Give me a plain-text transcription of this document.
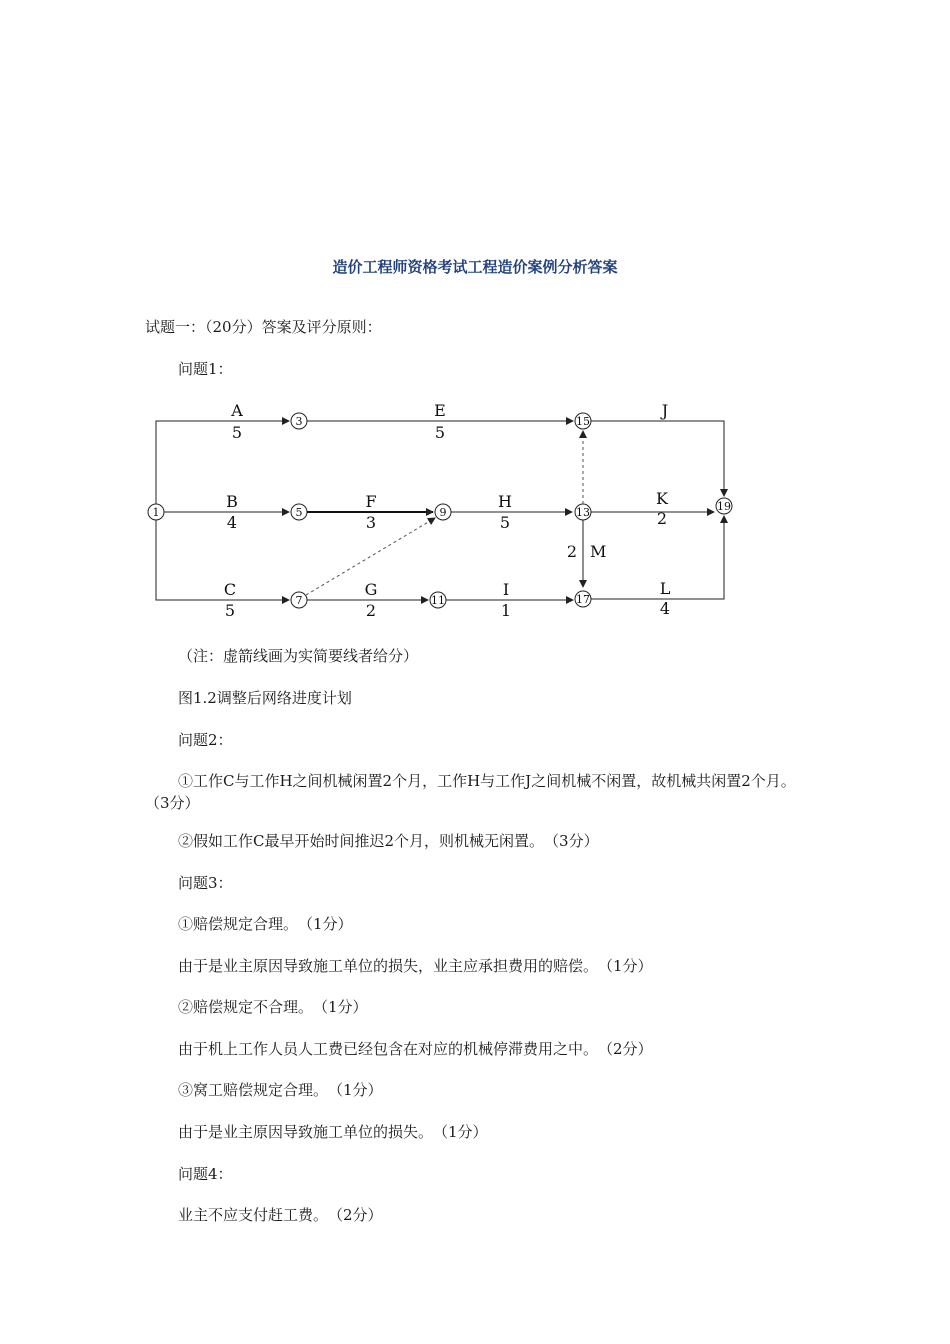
造价工程师资格考试工程造价案例分析答案
试题一：（20分）答案及评分原则：
问题1：
1
A
5
3
E
5
15
J
B
4
5
F
3
9
H
5
13
K
2
19
2 M
C
5
7
G
2
11
I
1
17
L
4
（注：虚箭线画为实简要线者给分）
图1.2调整后网络进度计划
问题2：
①工作C与工作H之间机械闲置2个月，工作H与工作J之间机械不闲置，故机械共闲置2个月。　（3分）
②假如工作C最早开始时间推迟2个月，则机械无闲置。　（3分）
问题3：
①赔偿规定合理。　（1分）
由于是业主原因导致施工单位的损失，业主应承担费用的赔偿。　（1分）
②赔偿规定不合理。　（1分）
由于机上工作人员人工费已经包含在对应的机械停滞费用之中。　（2分）
③窝工赔偿规定合理。　（1分）
由于是业主原因导致施工单位的损失。　（1分）
问题4：
业主不应支付赶工费。　（2分）
